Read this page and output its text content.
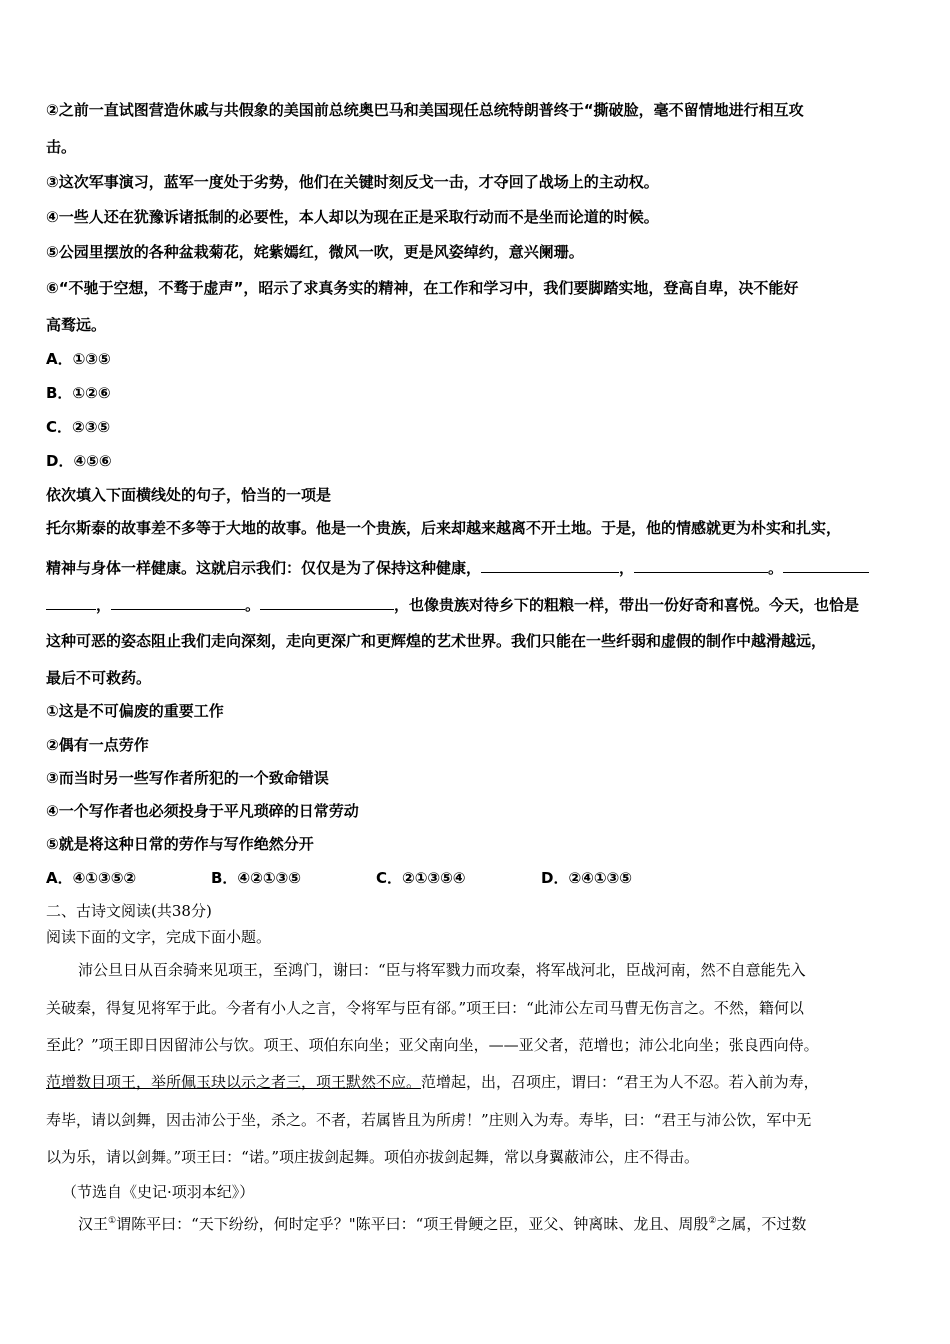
②之前一直试图营造休戚与共假象的美国前总统奥巴马和美国现任总统特朗普终于“撕破脸，毫不留情地进行相互攻
击。
③这次军事演习，蓝军一度处于劣势，他们在关键时刻反戈一击，才夺回了战场上的主动权。
④一些人还在犹豫诉诸抵制的必要性，本人却以为现在正是采取行动而不是坐而论道的时候。
⑤公园里摆放的各种盆栽菊花，姹紫嫣红，微风一吹，更是风姿绰约，意兴阑珊。
⑥“不驰于空想，不骛于虚声”，昭示了求真务实的精神，在工作和学习中，我们要脚踏实地，登高自卑，决不能好
高骛远。
A．①③⑤
B．①②⑥
C．②③⑤
D．④⑤⑥
依次填入下面横线处的句子，恰当的一项是
托尔斯泰的故事差不多等于大地的故事。他是一个贵族，后来却越来越离不开土地。于是，他的情感就更为朴实和扎实，
精神与身体一样健康。这就启示我们：仅仅是为了保持这种健康，	，	。
，	。	，也像贵族对待乡下的粗粮一样，带出一份好奇和喜悦。今天，也恰是
这种可恶的姿态阻止我们走向深刻，走向更深广和更辉煌的艺术世界。我们只能在一些纤弱和虚假的制作中越滑越远，
最后不可救药。
①这是不可偏废的重要工作
②偶有一点劳作
③而当时另一些写作者所犯的一个致命错误
④一个写作者也必须投身于平凡琐碎的日常劳动
⑤就是将这种日常的劳作与写作绝然分开
A．④①③⑤②	B．④②①③⑤	C．②①③⑤④	D．②④①③⑤
二、古诗文阅读(共38分)
阅读下面的文字，完成下面小题。
沛公旦日从百余骑来见项王，至鸿门，谢曰：“臣与将军戮力而攻秦，将军战河北，臣战河南，然不自意能先入
关破秦，得复见将军于此。今者有小人之言，令将军与臣有郤。”项王曰：“此沛公左司马曹无伤言之。不然，籍何以
至此？”项王即日因留沛公与饮。项王、项伯东向坐；亚父南向坐，——亚父者，范增也；沛公北向坐；张良西向侍。
范增数目项王，举所佩玉玦以示之者三，项王默然不应。范增起，出，召项庄，谓曰：“君王为人不忍。若入前为寿，
寿毕，请以剑舞，因击沛公于坐，杀之。不者，若属皆且为所虏！”庄则入为寿。寿毕，曰：“君王与沛公饮，军中无
以为乐，请以剑舞。”项王曰：“诺。”项庄拔剑起舞。项伯亦拔剑起舞，常以身翼蔽沛公，庄不得击。
（节选自《史记·项羽本纪》）
汉王①谓陈平曰：“天下纷纷，何时定乎？"陈平曰：“项王骨鲠之臣，亚父、钟离昧、龙且、周殷②之属，不过数
